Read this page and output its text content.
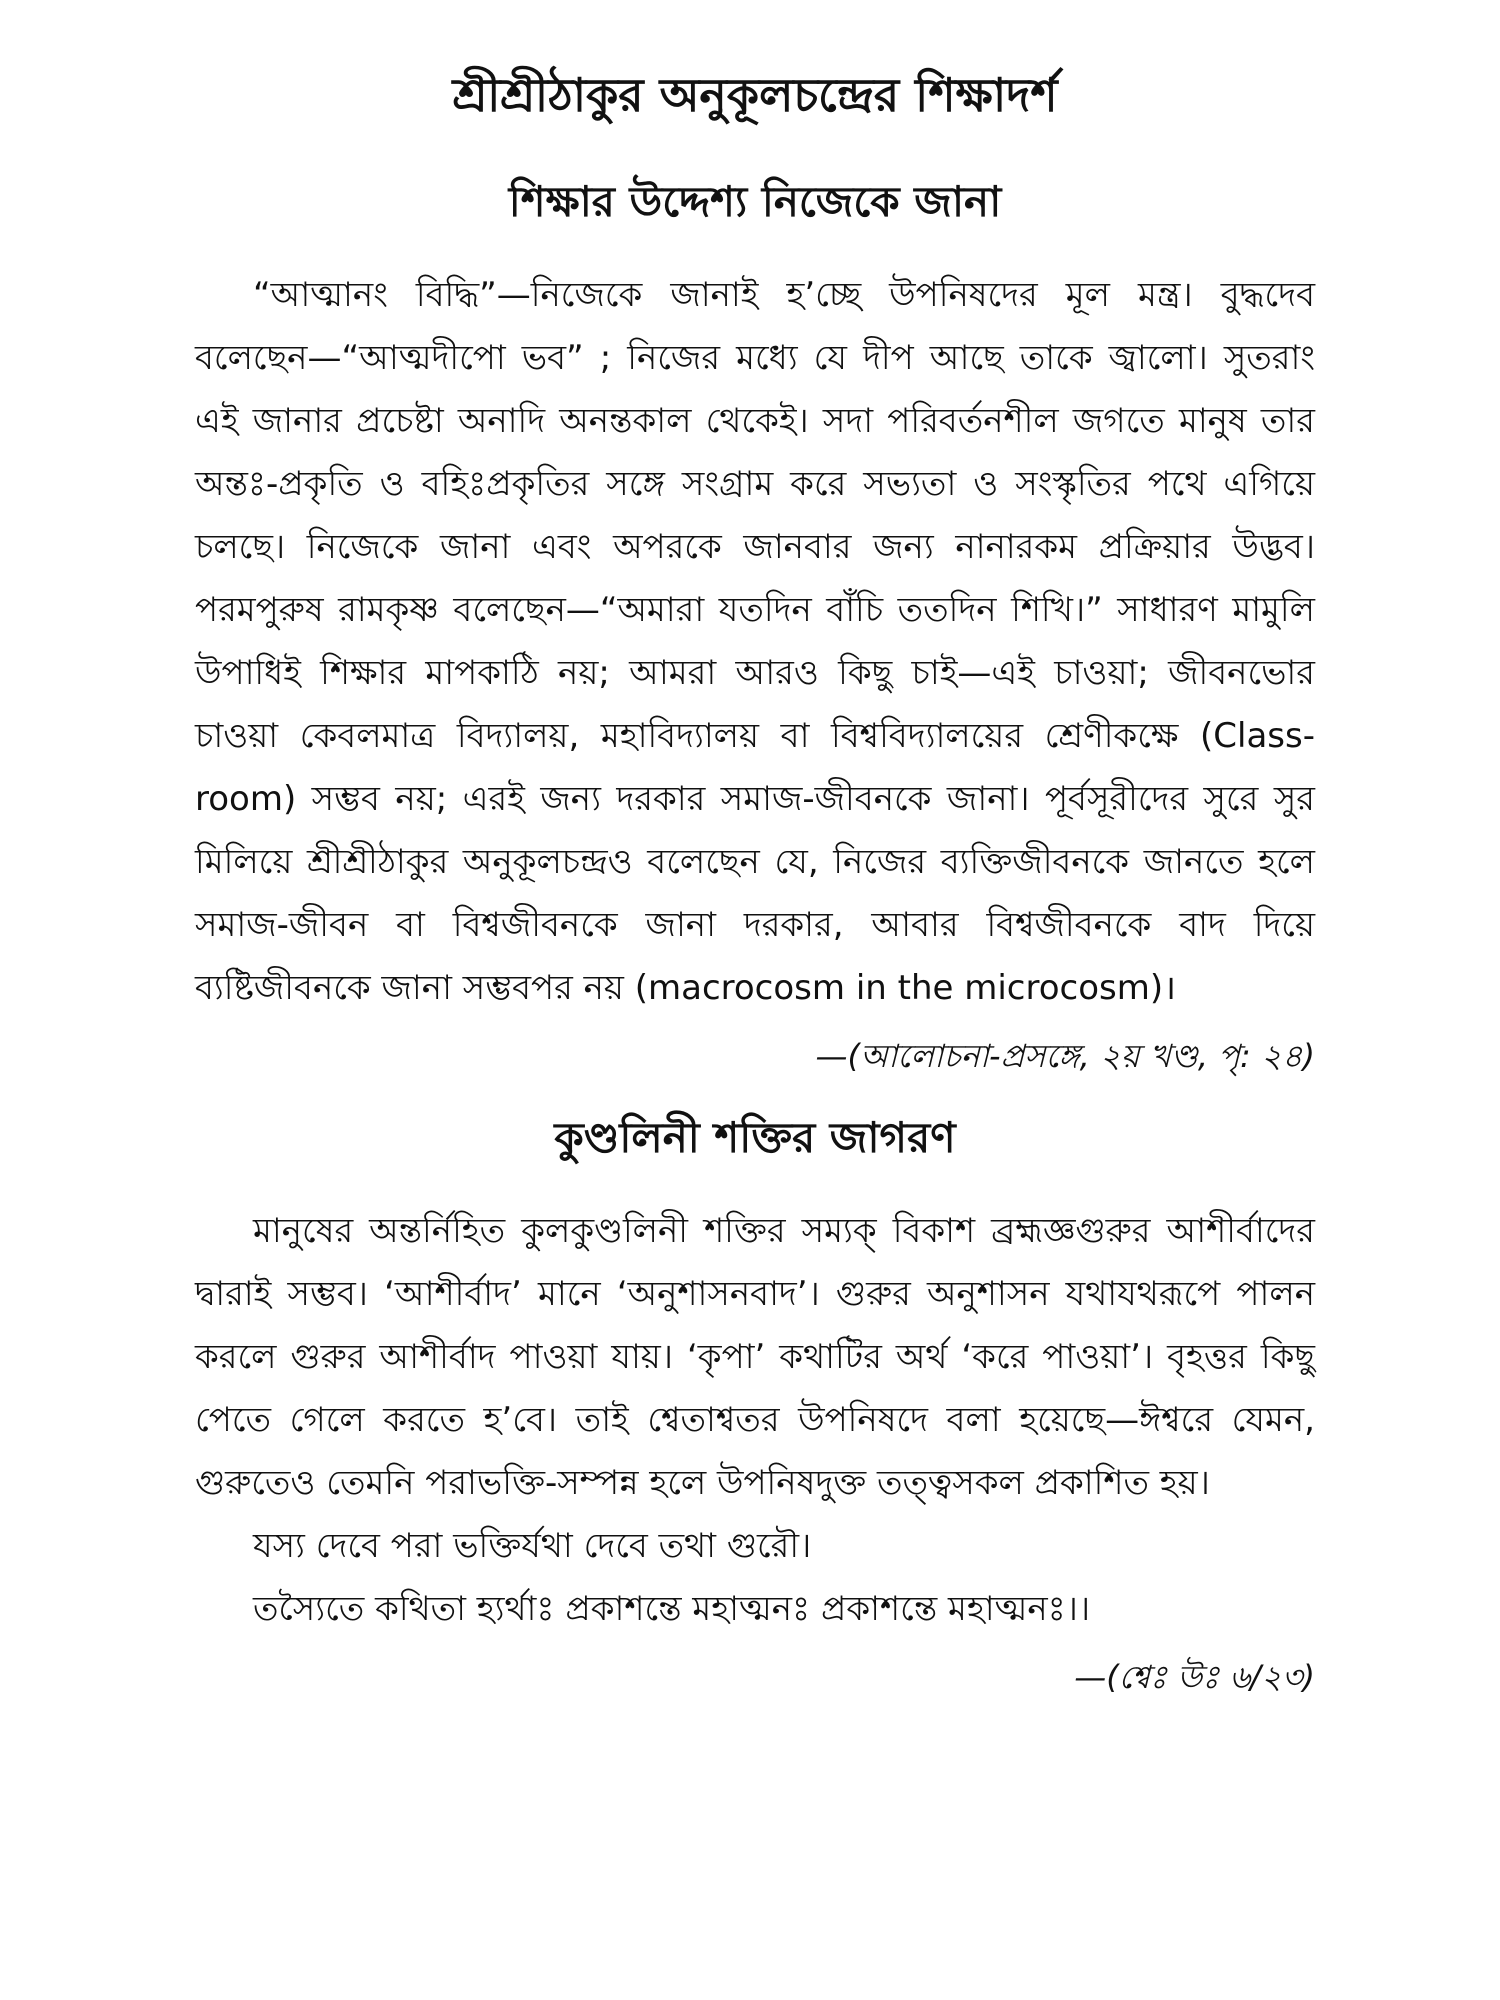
শ্রীশ্রীঠাকুর অনুকূলচন্দ্রের শিক্ষাদর্শ
শিক্ষার উদ্দেশ্য নিজেকে জানা

“আত্মানং বিদ্ধি”—নিজেকে জানাই হ’চ্ছে উপনিষদের মূল মন্ত্র। বুদ্ধদেব বলেছেন—“আত্মদীপো ভব” ; নিজের মধ্যে যে দীপ আছে তাকে জ্বালো। সুতরাং এই জানার প্রচেষ্টা অনাদি অনন্তকাল থেকেই। সদা পরিবর্তনশীল জগতে মানুষ তার অন্তঃ-প্রকৃতি ও বহিঃপ্রকৃতির সঙ্গে সংগ্রাম করে সভ্যতা ও সংস্কৃতির পথে এগিয়ে চলছে। নিজেকে জানা এবং অপরকে জানবার জন্য নানারকম প্রক্রিয়ার উদ্ভব। পরমপুরুষ রামকৃষ্ণ বলেছেন—“অমারা যতদিন বাঁচি ততদিন শিখি।” সাধারণ মামুলি উপাধিই শিক্ষার মাপকাঠি নয়; আমরা আরও কিছু চাই—এই চাওয়া; জীবনভোর চাওয়া কেবলমাত্র বিদ্যালয়, মহাবিদ্যালয় বা বিশ্ববিদ্যালয়ের শ্রেণীকক্ষে (Class-room) সম্ভব নয়; এরই জন্য দরকার সমাজ-জীবনকে জানা। পূর্বসূরীদের সুরে সুর মিলিয়ে শ্রীশ্রীঠাকুর অনুকূলচন্দ্রও বলেছেন যে, নিজের ব্যক্তিজীবনকে জানতে হলে সমাজ-জীবন বা বিশ্বজীবনকে জানা দরকার, আবার বিশ্বজীবনকে বাদ দিয়ে ব্যষ্টিজীবনকে জানা সম্ভবপর নয় (macrocosm in the microcosm)।

—(আলোচনা-প্রসঙ্গে, ২য় খণ্ড, পৃ: ২৪)
কুণ্ডলিনী শক্তির জাগরণ

মানুষের অন্তর্নিহিত কুলকুণ্ডলিনী শক্তির সম্যক্ বিকাশ ব্রহ্মজ্ঞগুরুর আশীর্বাদের দ্বারাই সম্ভব। ‘আশীর্বাদ’ মানে ‘অনুশাসনবাদ’। গুরুর অনুশাসন যথাযথরূপে পালন করলে গুরুর আশীর্বাদ পাওয়া যায়। ‘কৃপা’ কথাটির অর্থ ‘করে পাওয়া’। বৃহত্তর কিছু পেতে গেলে করতে হ’বে। তাই শ্বেতাশ্বতর উপনিষদে বলা হয়েছে—ঈশ্বরে যেমন, গুরুতেও তেমনি পরাভক্তি-সম্পন্ন হলে উপনিষদুক্ত তত্ত্বসকল প্রকাশিত হয়।

যস্য দেবে পরা ভক্তির্যথা দেবে তথা গুরৌ।

তস্যৈতে কথিতা হ্যর্থাঃ প্রকাশন্তে মহাত্মনঃ প্রকাশন্তে মহাত্মনঃ।।

—(শ্বেঃ উঃ ৬/২৩)
